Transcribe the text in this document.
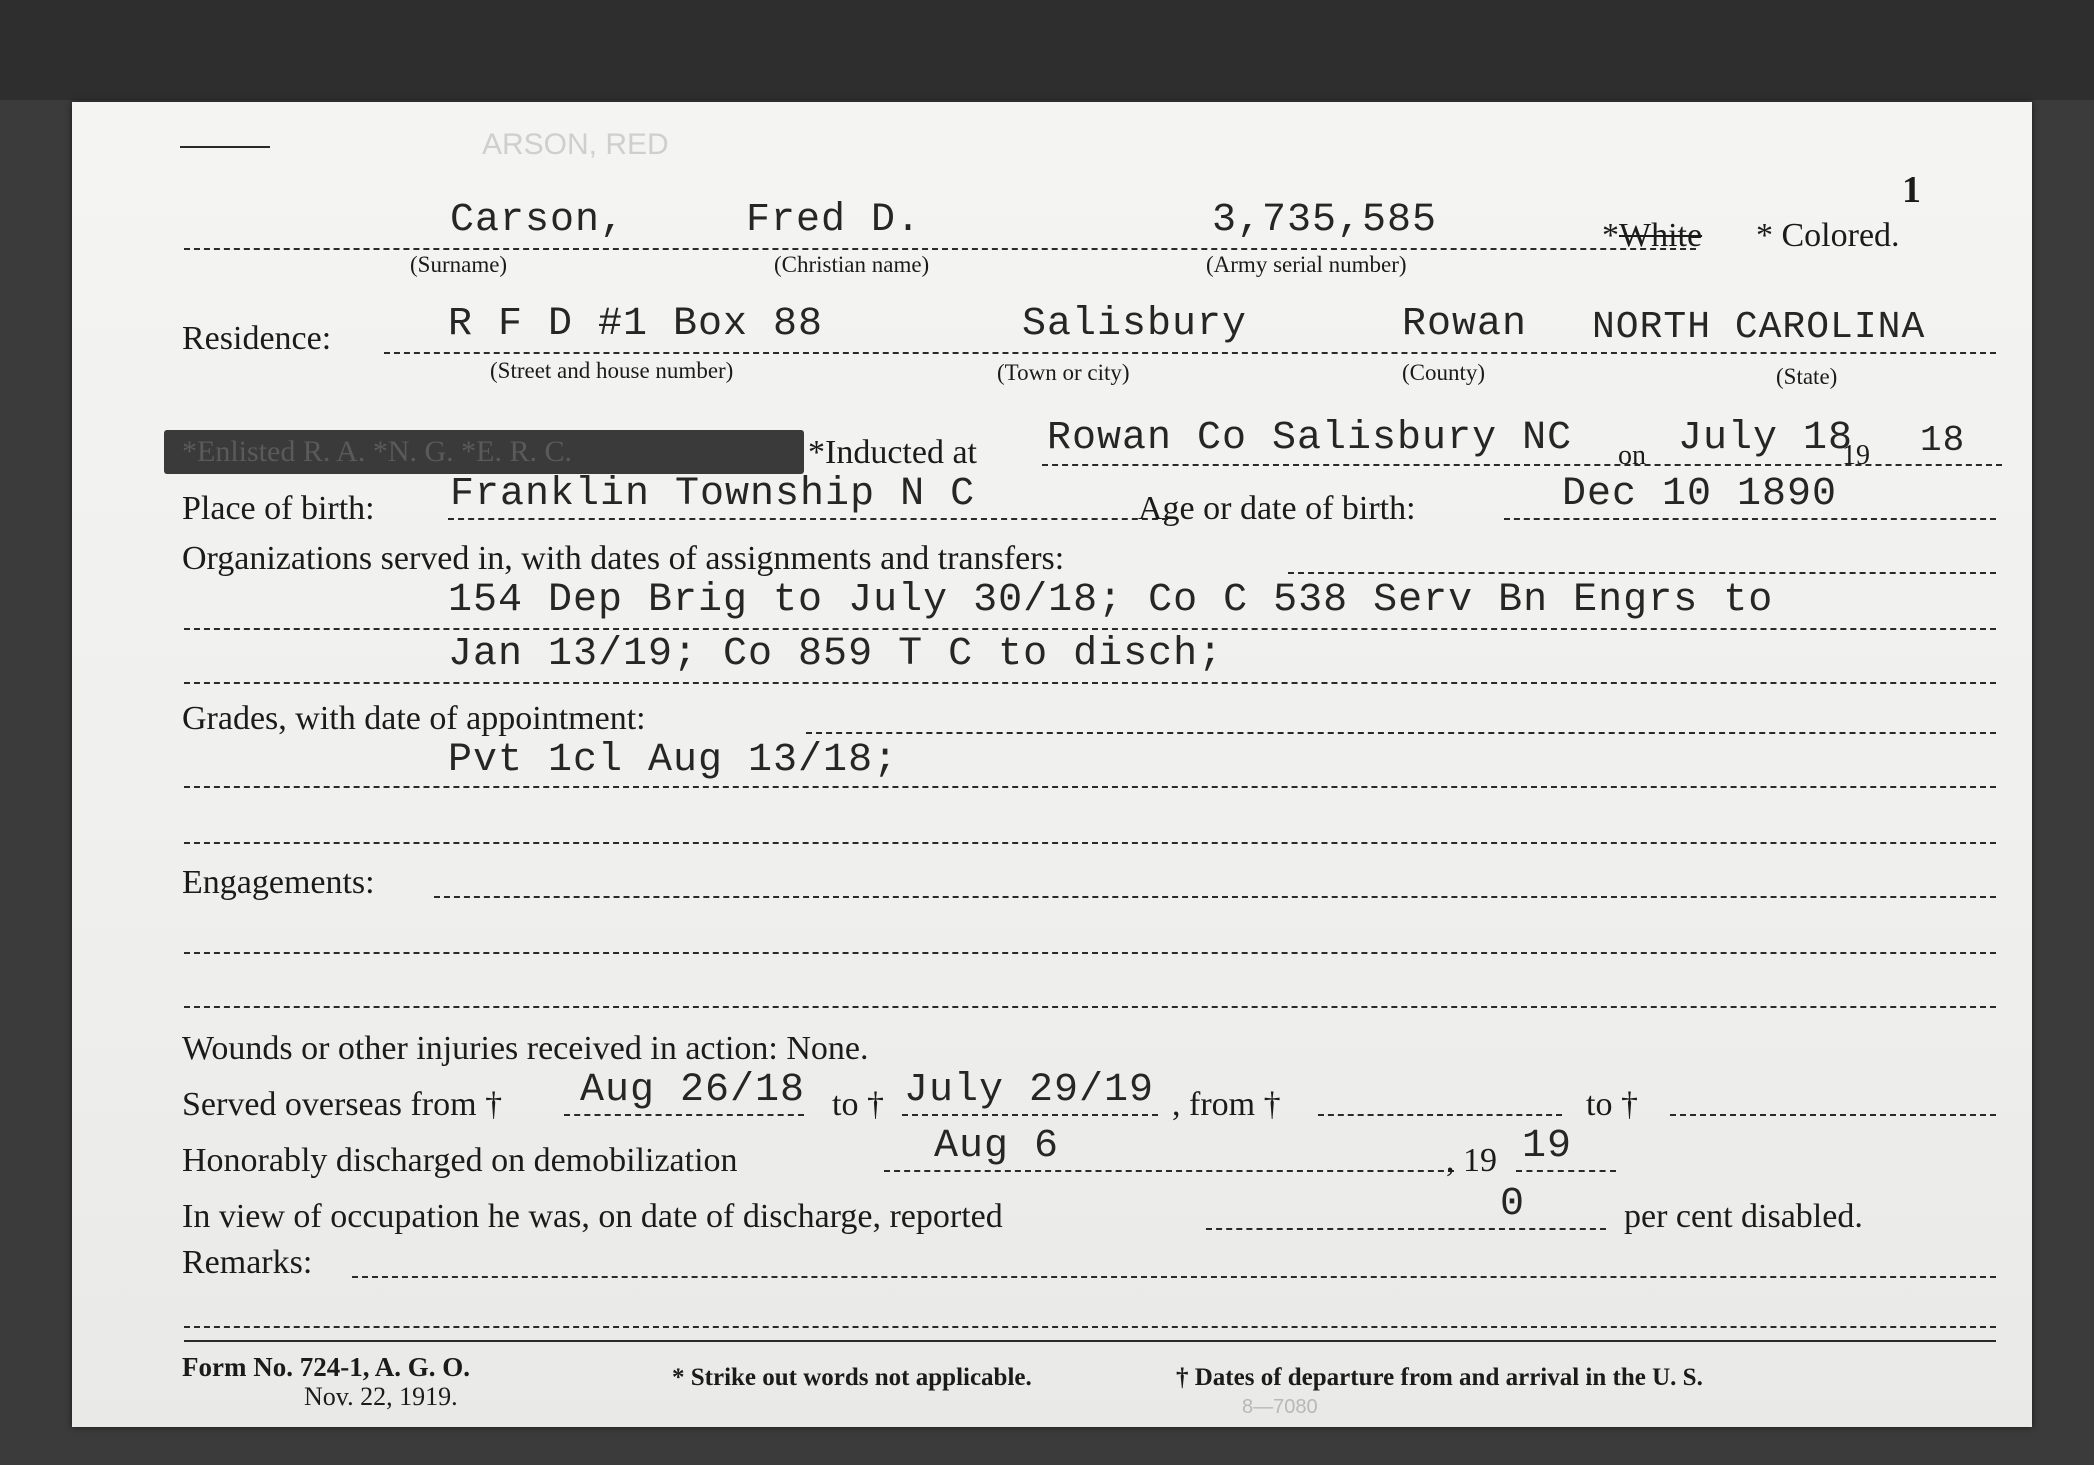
ARSON, RED
1
Carson,	Fred D.	3,735,585
(Surname)	(Christian name)	(Army serial number)
*White * Colored.
Residence:	R F D #1 Box 88	Salisbury	Rowan NORTH CAROLINA
(Street and house number)	(Town or city)	(County)	(State)
*Enlisted R. A. *N. G. *E. R. C.	*Inducted at Rowan Co Salisbury NC on July 18
19 18
Place of birth: Franklin Township N C	Age or date of birth:	Dec 10 1890
Organizations served in, with dates of assignments and transfers:
154 Dep Brig to July 30/18; Co C 538 Serv Bn Engrs to
Jan 13/19; Co 859 T C to disch;
Grades, with date of appointment:
Pvt 1cl Aug 13/18;
Engagements:
Wounds or other injuries received in action: None.
Served overseas from † Aug 26/18 to † July 29/19 , from †	to †
Honorably discharged on demobilization	Aug 6	, 19 19
In view of occupation he was, on date of discharge, reported	0	per cent disabled.
Remarks:
Form No. 724-1, A. G. O.
Nov. 22, 1919.
* Strike out words not applicable.	† Dates of departure from and arrival in the U. S.
8—7080
